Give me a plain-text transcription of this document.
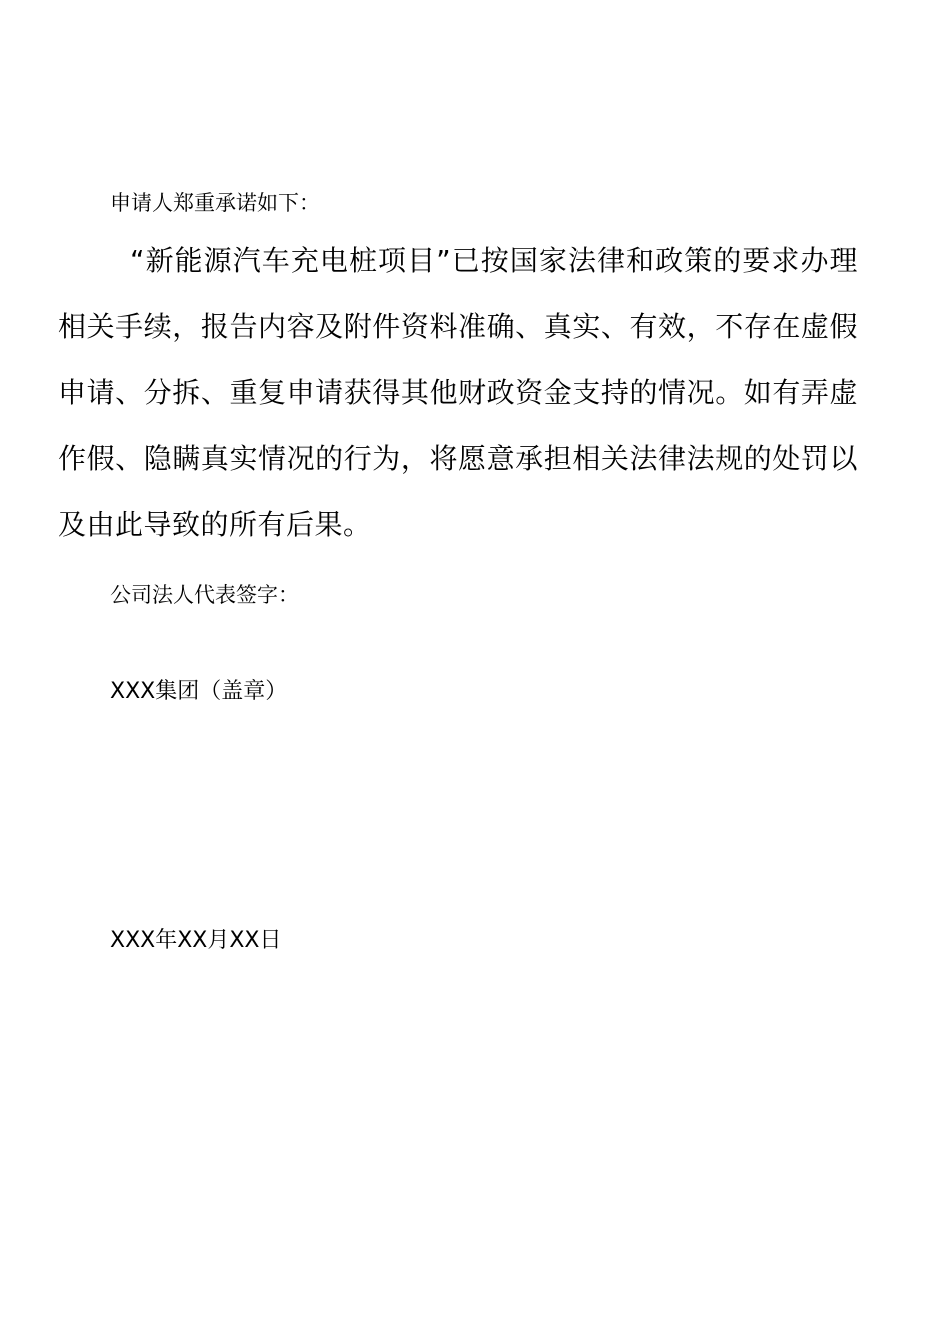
申请人郑重承诺如下：

“新能源汽车充电桩项目”已按国家法律和政策的要求办理相关手续，报告内容及附件资料准确、真实、有效，不存在虚假申请、分拆、重复申请获得其他财政资金支持的情况。如有弄虚作假、隐瞒真实情况的行为，将愿意承担相关法律法规的处罚以及由此导致的所有后果。

公司法人代表签字：
XXX集团（盖章）
XXX年XX月XX日
